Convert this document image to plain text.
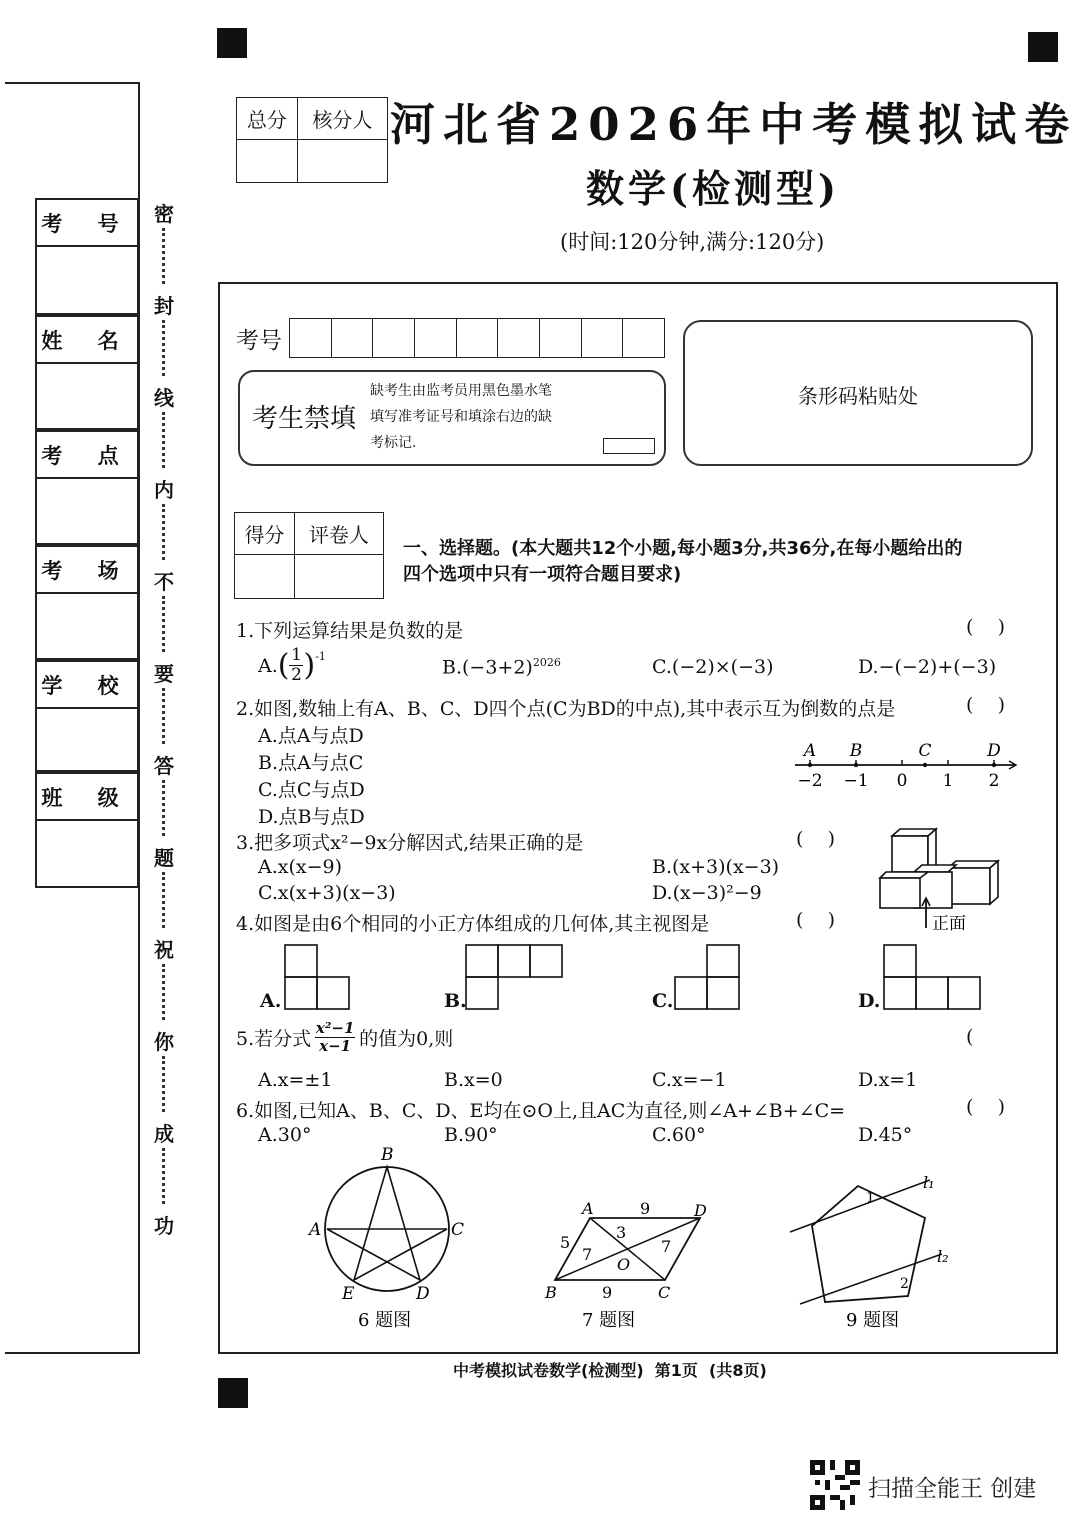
考 号
姓 名
考 点
考 场
学 校
班 级
密
封
线
内
不
要
答
题
祝
你
成
功
总分	核分人
	河北省2026年中考模拟试卷
数学(检测型)
(时间:120分钟,满分:120分)
考号
考生禁填
缺考生由监考员用黑色墨水笔
填写准考证号和填涂右边的缺
考标记.
条形码粘贴处
得分	评卷人

一、选择题。(本大题共12个小题,每小题3分,共36分,在每小题给出的
四个选项中只有一项符合题目要求)
1.下列运算结果是负数的是	(    )
A. ( 1
2 )$^{-1}$	$B.(-3+2)^{2026}$	C.(−2)×(−3)	D.−(−2)+(−3)
2.如图,数轴上有A、B、C、D四个点(C为BD的中点),其中表示互为倒数的点是	(    )
A.点A与点D
B.点A与点C
C.点C与点D
D.点B与点D
−2 −1 0 1 2
A B	C	D
3.把多项式x²−9x分解因式,结果正确的是	(    )
A.x(x−9)	B.(x+3)(x−3)
C.x(x+3)(x−3)	D.(x−3)²−9
正面
4.如图是由6个相同的小正方体组成的几何体,其主视图是	(    )
A.	B.	C.	D.
5.若分式 x²−1
x−1 的值为0,则	(
A.x=±1	B.x=0	C.x=−1	D.x=1
6.如图,已知A、B、C、D、E均在⊙O上,且AC为直径,则∠A+∠B+∠C=	(    )
A.30°	B.90°	C.60°	D.45°
B
A	C
E	D
6 题图
A	D
B	C
O
9
9
5
7	7
3
7 题图
l₁
l₂
1
2
9 题图
中考模拟试卷数学(检测型)  第1页  (共8页)
扫描全能王 创建
